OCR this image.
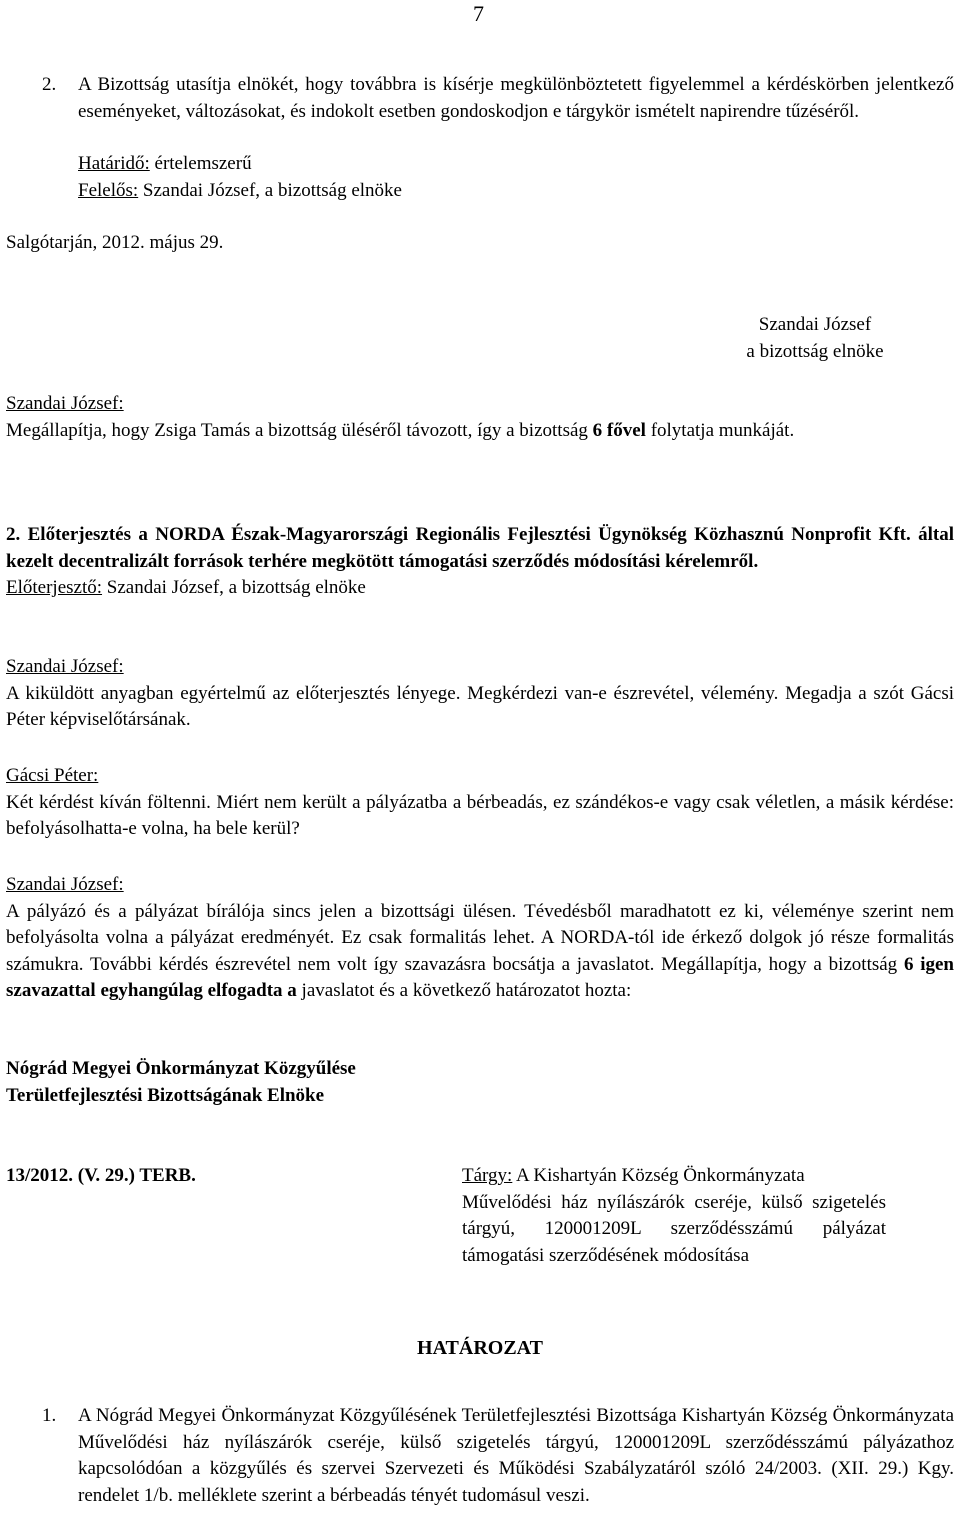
7
2.	A Bizottság utasítja elnökét, hogy továbbra is kísérje megkülönböztetett figyelemmel a kérdéskörben jelentkező eseményeket, változásokat, és indokolt esetben gondoskodjon e tárgykör ismételt napirendre tűzéséről.
Határidő: értelemszerű
Felelős: Szandai József, a bizottság elnöke
Salgótarján, 2012. május 29.
Szandai József
a bizottság elnöke
Szandai József:

Megállapítja, hogy Zsiga Tamás a bizottság üléséről távozott, így a bizottság 6 fővel folytatja munkáját.

2. Előterjesztés a NORDA Észak-Magyarországi Regionális Fejlesztési Ügynökség Közhasznú Nonprofit Kft. által kezelt decentralizált források terhére megkötött támogatási szerződés módosítási kérelemről.

Előterjesztő: Szandai József, a bizottság elnöke
Szandai József:

A kiküldött anyagban egyértelmű az előterjesztés lényege. Megkérdezi van-e észrevétel, vélemény. Megadja a szót Gácsi Péter képviselőtársának.

Gácsi Péter:

Két kérdést kíván föltenni. Miért nem került a pályázatba a bérbeadás, ez szándékos-e vagy csak véletlen, a másik kérdése: befolyásolhatta-e volna, ha bele kerül?

Szandai József:

A pályázó és a pályázat bírálója sincs jelen a bizottsági ülésen. Tévedésből maradhatott ez ki, véleménye szerint nem befolyásolta volna a pályázat eredményét. Ez csak formalitás lehet. A NORDA-tól ide érkező dolgok jó része formalitás számukra. További kérdés észrevétel nem volt így szavazásra bocsátja a javaslatot. Megállapítja, hogy a bizottság 6 igen szavazattal egyhangúlag elfogadta a javaslatot és a következő határozatot hozta:

Nógrád Megyei Önkormányzat Közgyűlése
Területfejlesztési Bizottságának Elnöke
13/2012. (V. 29.) TERB.	Tárgy: A Kishartyán Község Önkormányzata

Művelődési ház nyílászárók cseréje, külső szigetelés tárgyú, 120001209L szerződésszámú pályázat támogatási szerződésének módosítása

HATÁROZAT
1.	A Nógrád Megyei Önkormányzat Közgyűlésének Területfejlesztési Bizottsága Kishartyán Község Önkormányzata Művelődési ház nyílászárók cseréje, külső szigetelés tárgyú, 120001209L szerződésszámú pályázathoz kapcsolódóan a közgyűlés és szervei Szervezeti és Működési Szabályzatáról szóló 24/2003. (XII. 29.) Kgy. rendelet 1/b. melléklete szerint a bérbeadás tényét tudomásul veszi.
